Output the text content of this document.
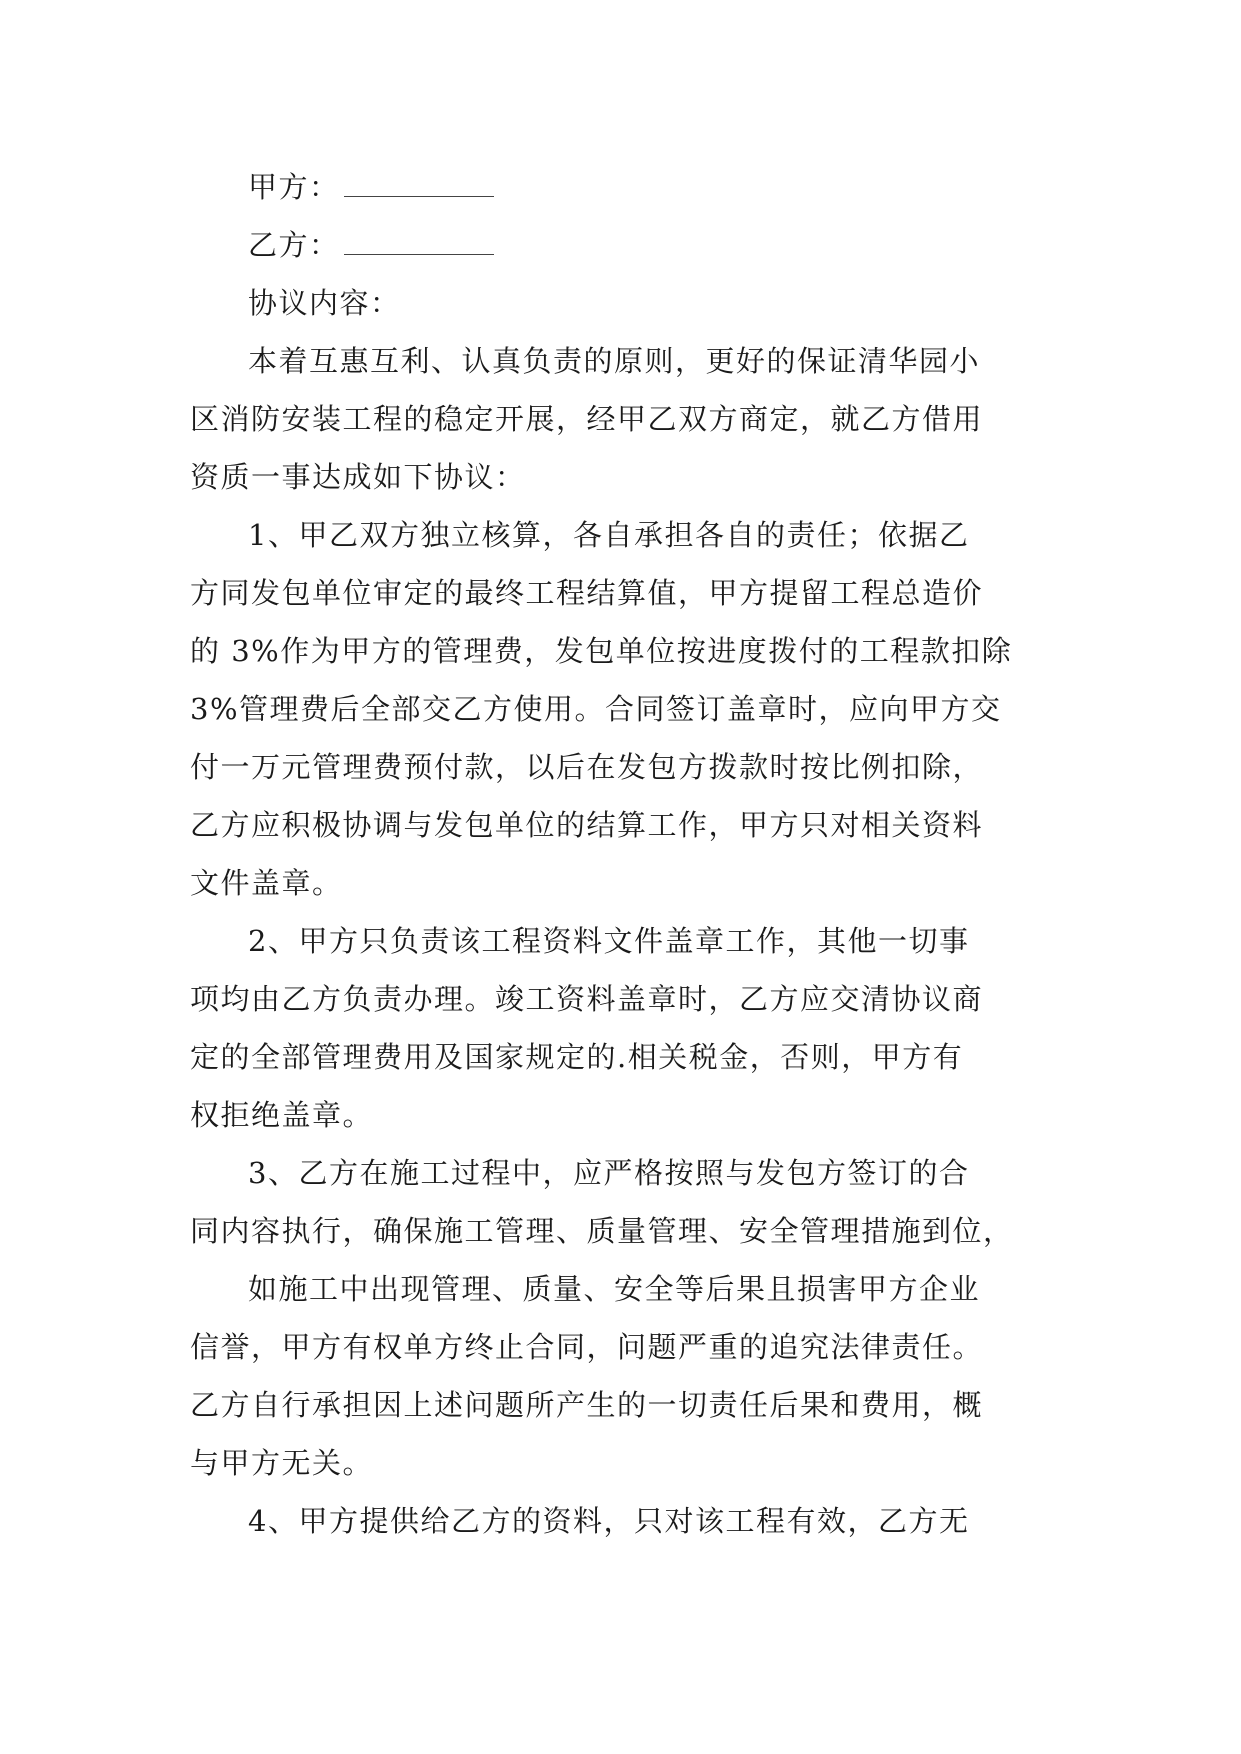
甲方：
乙方：
协议内容：
本着互惠互利、认真负责的原则，更好的保证清华园小
区消防安装工程的稳定开展，经甲乙双方商定，就乙方借用
资质一事达成如下协议：
1、甲乙双方独立核算，各自承担各自的责任；依据乙
方同发包单位审定的最终工程结算值，甲方提留工程总造价
的 3%作为甲方的管理费，发包单位按进度拨付的工程款扣除
3%管理费后全部交乙方使用。合同签订盖章时，应向甲方交
付一万元管理费预付款，以后在发包方拨款时按比例扣除，
乙方应积极协调与发包单位的结算工作，甲方只对相关资料
文件盖章。
2、甲方只负责该工程资料文件盖章工作，其他一切事
项均由乙方负责办理。竣工资料盖章时，乙方应交清协议商
定的全部管理费用及国家规定的.相关税金，否则，甲方有
权拒绝盖章。
3、乙方在施工过程中，应严格按照与发包方签订的合
同内容执行，确保施工管理、质量管理、安全管理措施到位，
如施工中出现管理、质量、安全等后果且损害甲方企业
信誉，甲方有权单方终止合同，问题严重的追究法律责任。
乙方自行承担因上述问题所产生的一切责任后果和费用，概
与甲方无关。
4、甲方提供给乙方的资料，只对该工程有效，乙方无
